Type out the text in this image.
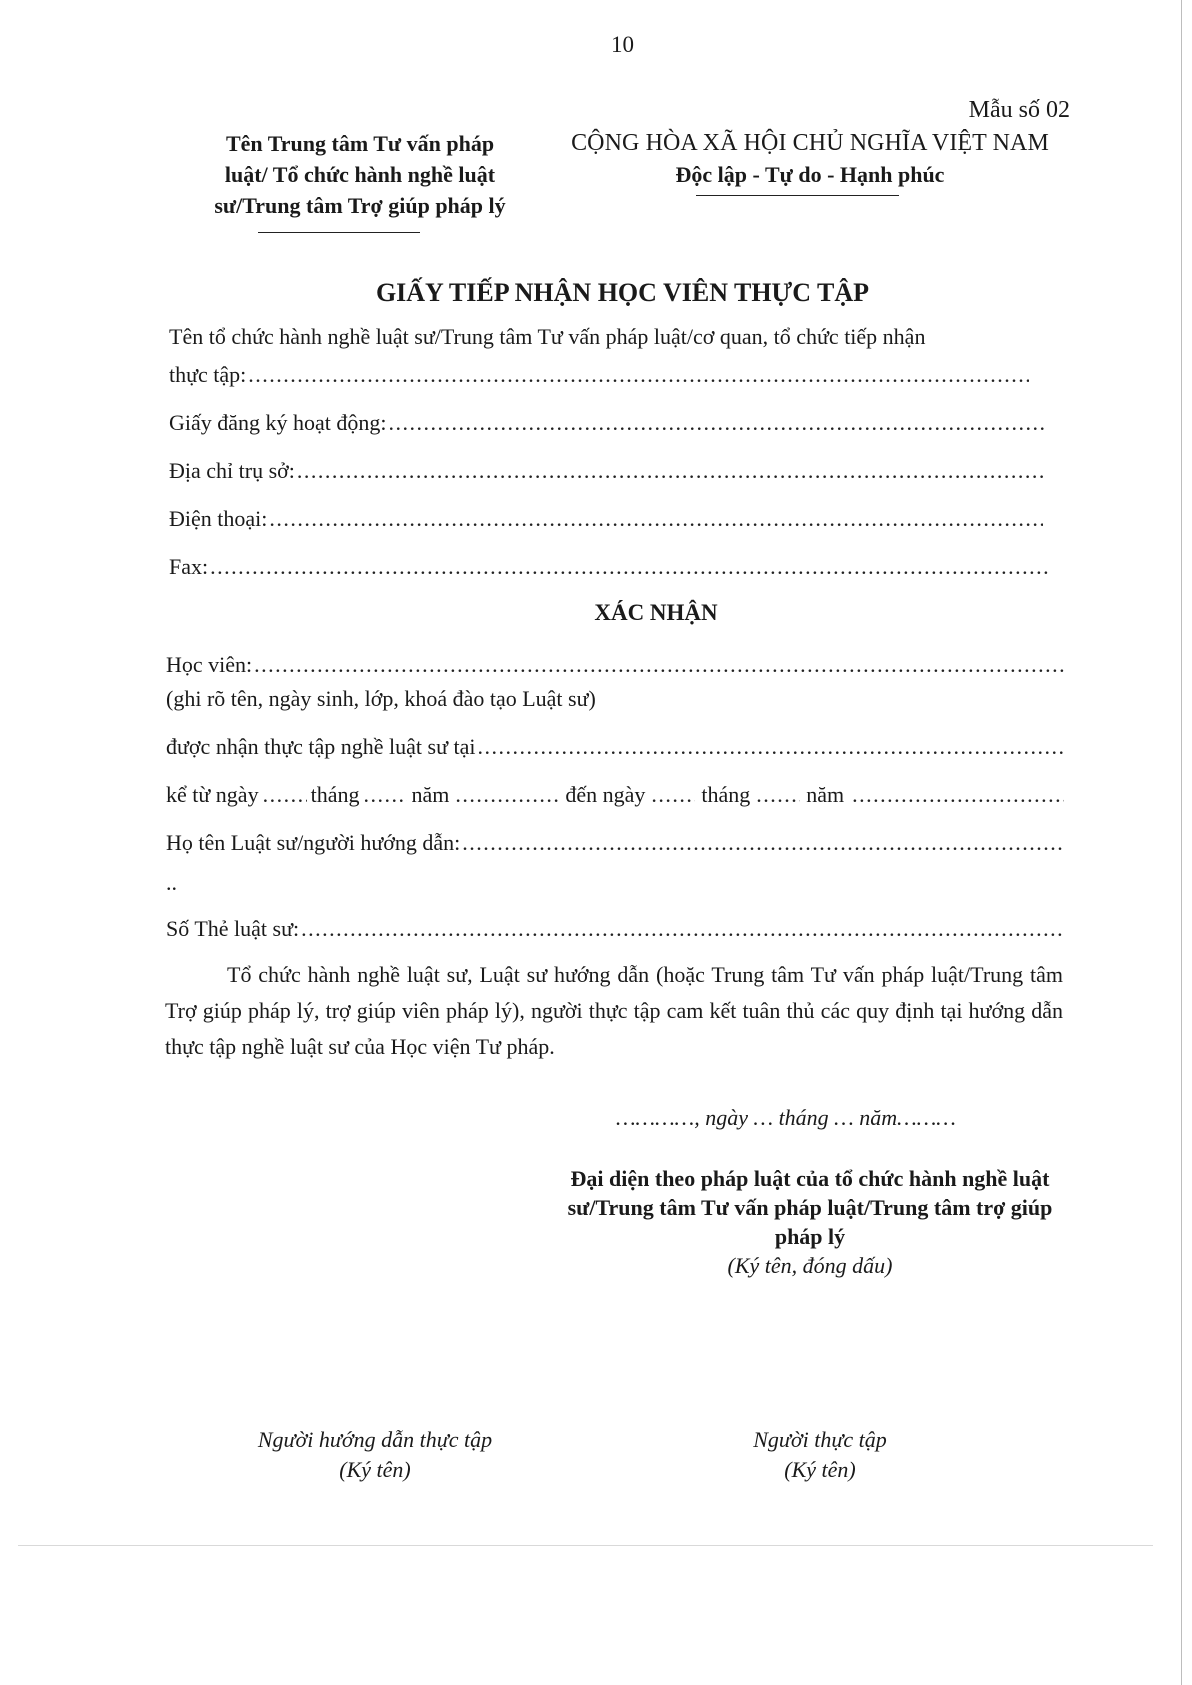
10
Mẫu số 02
Tên Trung tâm Tư vấn pháp
luật/ Tổ chức hành nghề luật
sư/Trung tâm Trợ giúp pháp lý
CỘNG HÒA XÃ HỘI CHỦ NGHĨA VIỆT NAM
Độc lập - Tự do - Hạnh phúc
GIẤY TIẾP NHẬN HỌC VIÊN THỰC TẬP
Tên tổ chức hành nghề luật sư/Trung tâm Tư vấn pháp luật/cơ quan, tổ chức tiếp nhận
thực tập:
.....
Giấy đăng ký hoạt động:
.....
Địa chỉ trụ sở:
.....
Điện thoại:
.....
Fax:
.....
XÁC NHẬN
Học viên:
.....
(ghi rõ tên, ngày sinh, lớp, khoá đào tạo Luật sư)
được nhận thực tập nghề luật sư tại
.....
kể từ ngày ..... tháng ..... năm .....	đến ngày .....	tháng .....	năm
.....
Họ tên Luật sư/người hướng dẫn:
.....
..
Số Thẻ luật sư:
.....
Tổ chức hành nghề luật sư, Luật sư hướng dẫn (hoặc Trung tâm Tư vấn pháp luật/Trung tâm Trợ giúp pháp lý, trợ giúp viên pháp lý), người thực tập cam kết tuân thủ các quy định tại hướng dẫn thực tập nghề luật sư của Học viện Tư pháp.
…………, ngày … tháng … năm………
Đại diện theo pháp luật của tổ chức hành nghề luật sư/Trung tâm Tư vấn pháp luật/Trung tâm trợ giúp pháp lý
(Ký tên, đóng dấu)
Người hướng dẫn thực tập
(Ký tên)
Người thực tập
(Ký tên)
